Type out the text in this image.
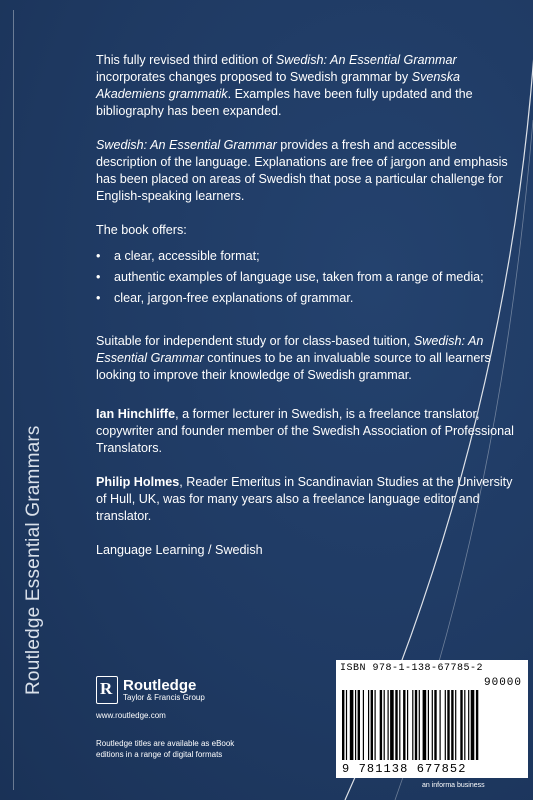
Routledge Essential Grammars

This fully revised third edition of Swedish: An Essential Grammar incorporates changes proposed to Swedish grammar by Svenska Akademiens grammatik. Examples have been fully updated and the bibliography has been expanded.

Swedish: An Essential Grammar provides a fresh and accessible description of the language. Explanations are free of jargon and emphasis has been placed on areas of Swedish that pose a particular challenge for English-speaking learners.

The book offers:

•	a clear, accessible format;
•	authentic examples of language use, taken from a range of media;
•	clear, jargon-free explanations of grammar.

Suitable for independent study or for class-based tuition, Swedish: An Essential Grammar continues to be an invaluable source to all learners looking to improve their knowledge of Swedish grammar.

Ian Hinchliffe, a former lecturer in Swedish, is a freelance translator, copywriter and founder member of the Swedish Association of Professional Translators.

Philip Holmes, Reader Emeritus in Scandinavian Studies at the University of Hull, UK, was for many years also a freelance language editor and translator.

Language Learning / Swedish

R Routledge
Taylor & Francis Group
www.routledge.com
Routledge titles are available as eBook editions in a range of digital formats
ISBN 978-1-138-67785-2
90000
9 781138 677852
an informa business
